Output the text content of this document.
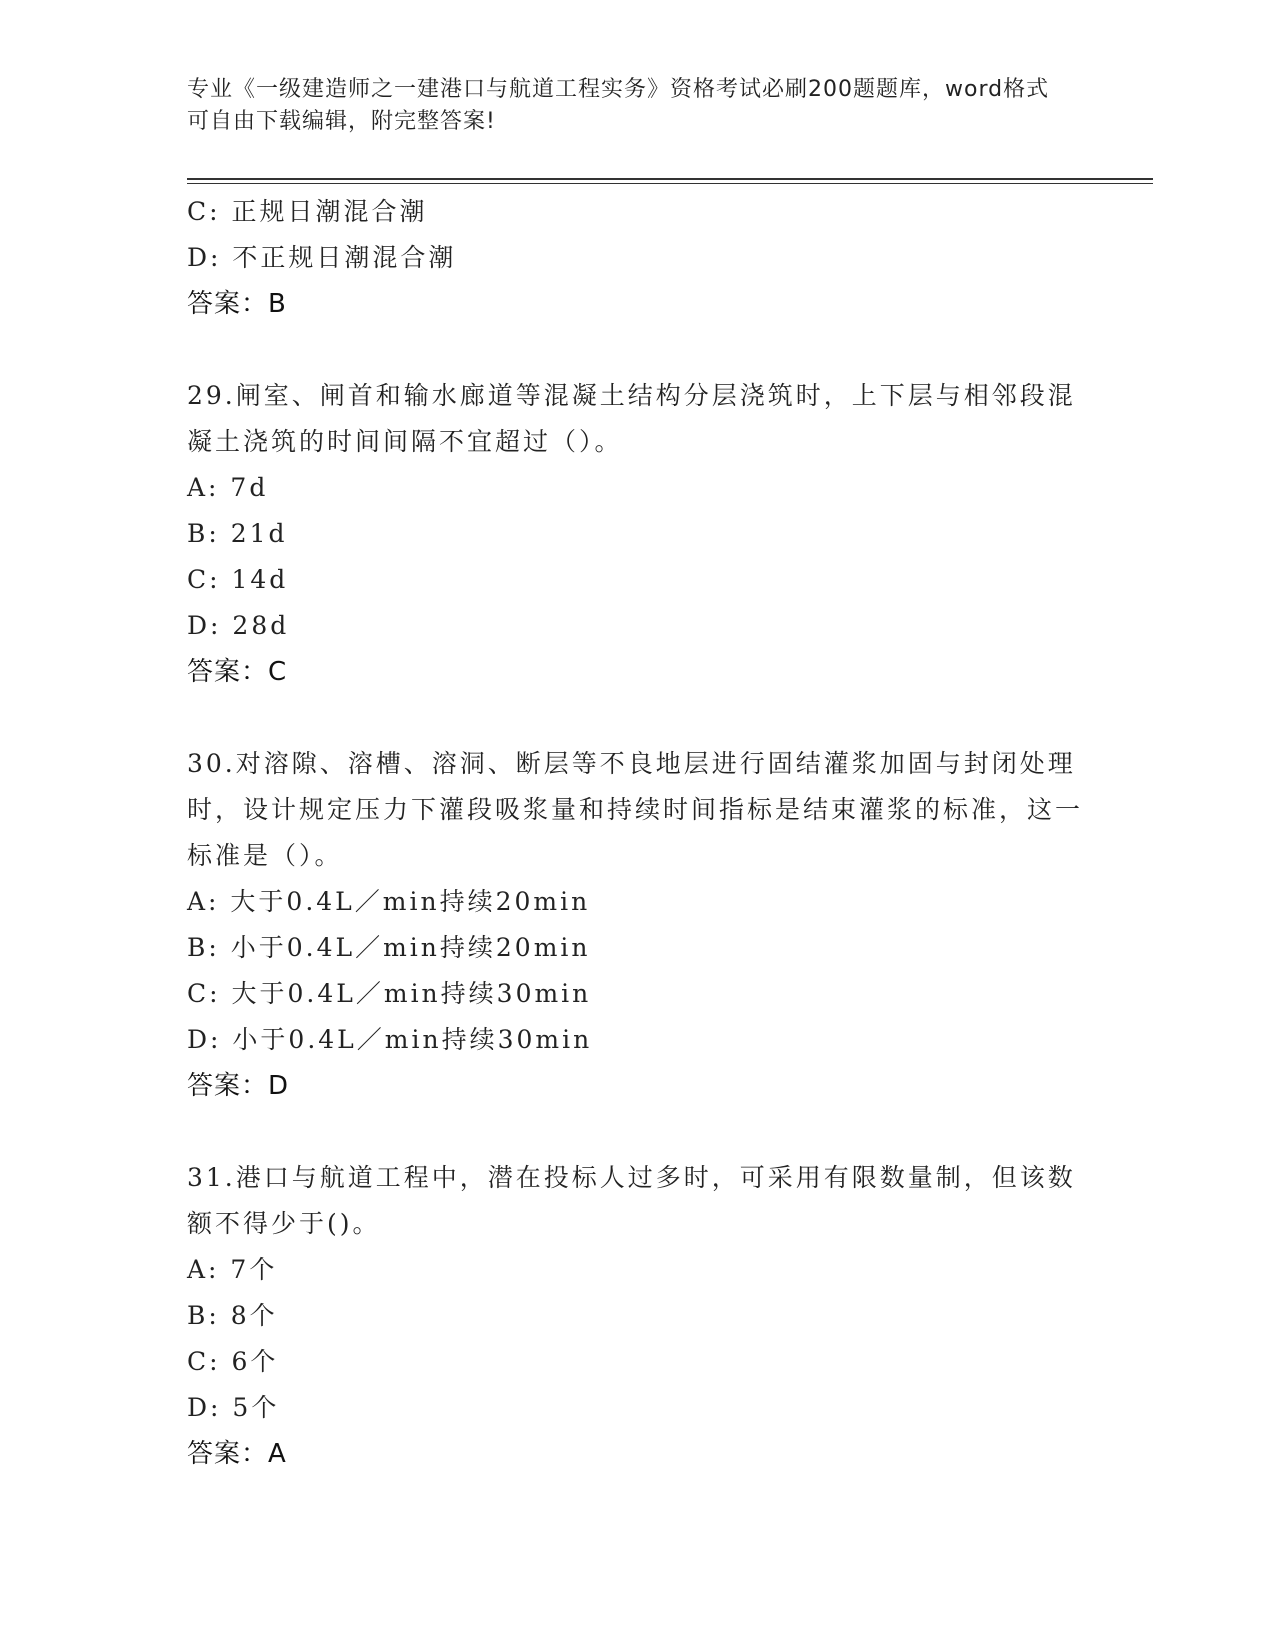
专业《一级建造师之一建港口与航道工程实务》资格考试必刷200题题库，word格式可自由下载编辑，附完整答案!
C: 正规日潮混合潮
D: 不正规日潮混合潮
答案：B
29.闸室、闸首和输水廊道等混凝土结构分层浇筑时，上下层与相邻段混凝土浇筑的时间间隔不宜超过（）。
A: 7d
B: 21d
C: 14d
D: 28d
答案：C
30.对溶隙、溶槽、溶洞、断层等不良地层进行固结灌浆加固与封闭处理时，设计规定压力下灌段吸浆量和持续时间指标是结束灌浆的标准，这一标准是（）。
A: 大于0.4L／min持续20min
B: 小于0.4L／min持续20min
C: 大于0.4L／min持续30min
D: 小于0.4L／min持续30min
答案：D
31.港口与航道工程中，潜在投标人过多时，可采用有限数量制，但该数额不得少于()。
A: 7个
B: 8个
C: 6个
D: 5个
答案：A
